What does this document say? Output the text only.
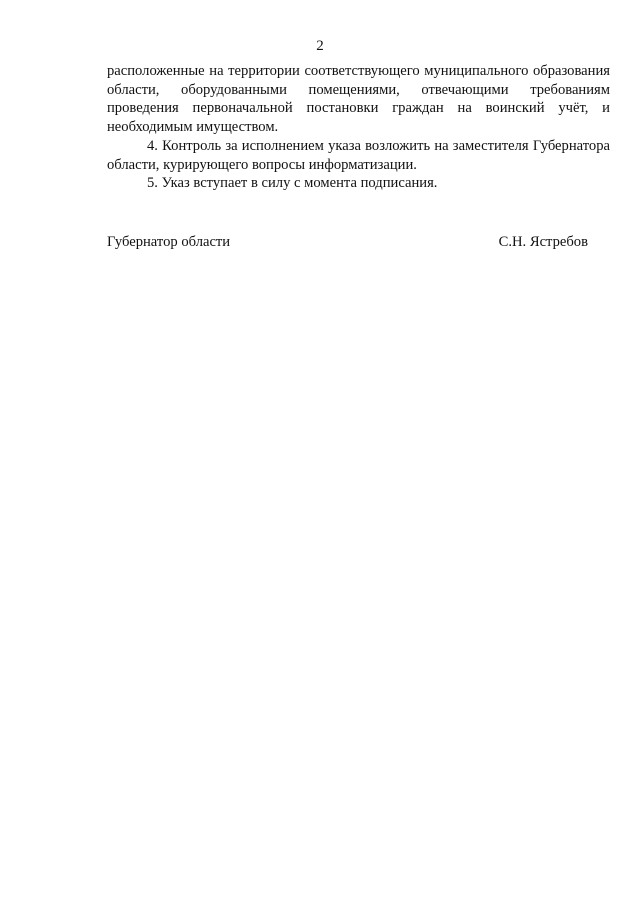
2

расположенные на территории соответствующего муниципального образования области, оборудованными помещениями, отвечающими требованиям проведения первоначальной постановки граждан на воинский учёт, и необходимым имуществом.

4. Контроль за исполнением указа возложить на заместителя Губернатора области, курирующего вопросы информатизации.

5. Указ вступает в силу с момента подписания.

Губернатор области	С.Н. Ястребов
